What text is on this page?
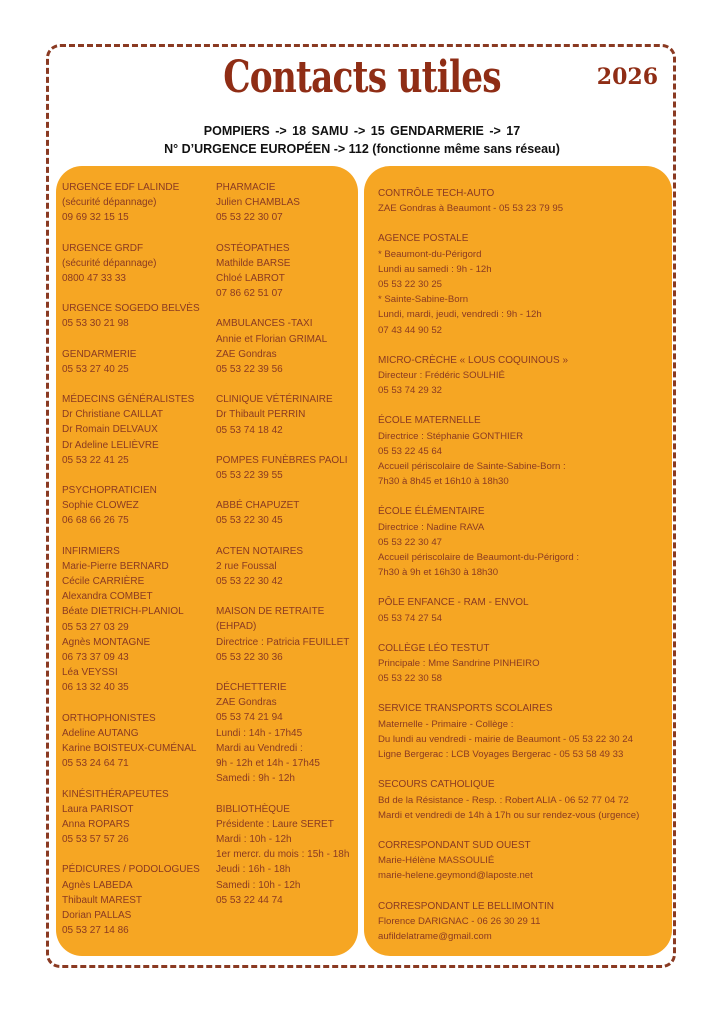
Contacts utiles	2026
POMPIERS -> 18 SAMU -> 15 GENDARMERIE -> 17
N° D’URGENCE EUROPÉEN -> 112 (fonctionne même sans réseau)
URGENCE EDF LALINDE
(sécurité dépannage)
09 69 32 15 15
URGENCE GRDF
(sécurité dépannage)
0800 47 33 33
URGENCE SOGEDO BELVÈS
05 53 30 21 98
GENDARMERIE
05 53 27 40 25
MÉDECINS GÉNÉRALISTES
Dr Christiane CAILLAT
Dr Romain DELVAUX
Dr Adeline LELIÈVRE
05 53 22 41 25
PSYCHOPRATICIEN
Sophie CLOWEZ
06 68 66 26 75
INFIRMIERS
Marie-Pierre BERNARD
Cécile CARRIÈRE
Alexandra COMBET
Béate DIETRICH-PLANIOL
05 53 27 03 29
Agnès MONTAGNE
06 73 37 09 43
Léa VEYSSI
06 13 32 40 35
ORTHOPHONISTES
Adeline AUTANG
Karine BOISTEUX-CUMÉNAL
05 53 24 64 71
KINÉSITHÉRAPEUTES
Laura PARISOT
Anna ROPARS
05 53 57 57 26
PÉDICURES / PODOLOGUES
Agnès LABEDA
Thibault MAREST
Dorian PALLAS
05 53 27 14 86
PHARMACIE
Julien CHAMBLAS
05 53 22 30 07
OSTÉOPATHES
Mathilde BARSE
Chloé LABROT
07 86 62 51 07
AMBULANCES -TAXI
Annie et Florian GRIMAL
ZAE Gondras
05 53 22 39 56
CLINIQUE VÉTÉRINAIRE
Dr Thibault PERRIN
05 53 74 18 42
POMPES FUNÈBRES PAOLI
05 53 22 39 55
ABBÉ CHAPUZET
05 53 22 30 45
ACTEN NOTAIRES
2 rue Foussal
05 53 22 30 42
MAISON DE RETRAITE
(EHPAD)
Directrice : Patricia FEUILLET
05 53 22 30 36
DÉCHETTERIE
ZAE Gondras
05 53 74 21 94
Lundi : 14h - 17h45
Mardi au Vendredi :
9h - 12h et 14h - 17h45
Samedi : 9h - 12h
BIBLIOTHÈQUE
Présidente : Laure SERET
Mardi : 10h - 12h
1er mercr. du mois : 15h - 18h
Jeudi : 16h - 18h
Samedi : 10h - 12h
05 53 22 44 74
CONTRÔLE TECH-AUTO
ZAE Gondras à Beaumont - 05 53 23 79 95
AGENCE POSTALE
* Beaumont-du-Périgord
Lundi au samedi : 9h - 12h
05 53 22 30 25
* Sainte-Sabine-Born
Lundi, mardi, jeudi, vendredi : 9h - 12h
07 43 44 90 52
MICRO-CRÈCHE « LOUS COQUINOUS »
Directeur : Frédéric SOULHIÉ
05 53 74 29 32
ÉCOLE MATERNELLE
Directrice : Stéphanie GONTHIER
05 53 22 45 64
Accueil périscolaire de Sainte-Sabine-Born :
7h30 à 8h45 et 16h10 à 18h30
ÉCOLE ÉLÉMENTAIRE
Directrice : Nadine RAVA
05 53 22 30 47
Accueil périscolaire de Beaumont-du-Périgord :
7h30 à 9h et 16h30 à 18h30
PÔLE ENFANCE - RAM - ENVOL
05 53 74 27 54
COLLÈGE LÉO TESTUT
Principale : Mme Sandrine PINHEIRO
05 53 22 30 58
SERVICE TRANSPORTS SCOLAIRES
Maternelle - Primaire - Collège :
Du lundi au vendredi - mairie de Beaumont - 05 53 22 30 24
Ligne Bergerac : LCB Voyages Bergerac - 05 53 58 49 33
SECOURS CATHOLIQUE
Bd de la Résistance - Resp. : Robert ALIA - 06 52 77 04 72
Mardi et vendredi de 14h à 17h ou sur rendez-vous (urgence)
CORRESPONDANT SUD OUEST
Marie-Hélène MASSOULIÉ
marie-helene.geymond@laposte.net
CORRESPONDANT LE BELLIMONTIN
Florence DARIGNAC - 06 26 30 29 11
aufildelatrame@gmail.com
